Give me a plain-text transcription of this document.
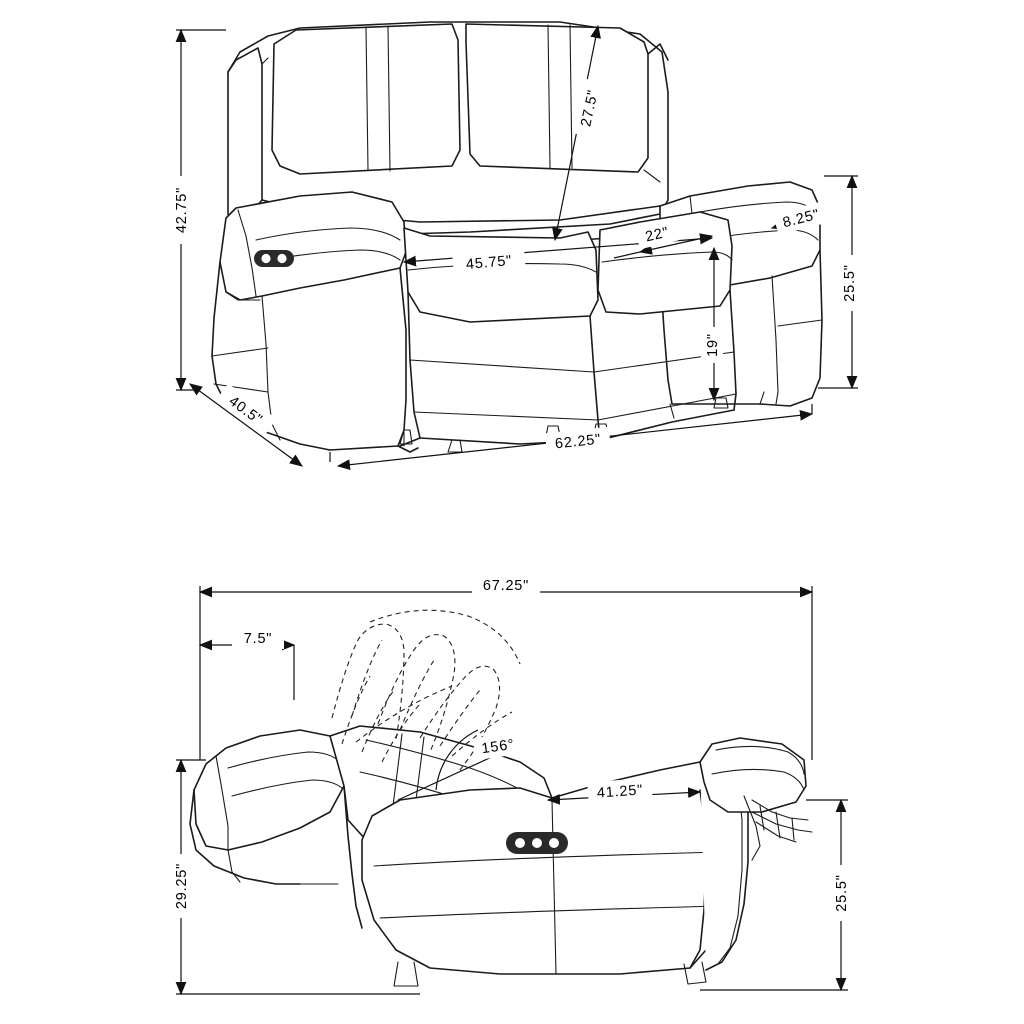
42.75"
27.5"
22"
45.75"
8.25"
25.5"
19"
40.5"
62.25"
67.25"
7.5"
156°
41.25"
29.25"	25.5"
